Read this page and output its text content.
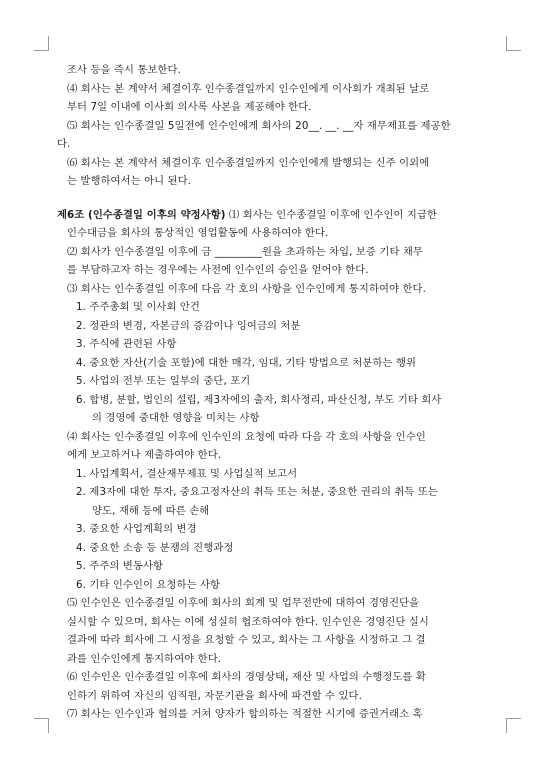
조사 등을 즉시 통보한다.
⑷ 회사는 본 계약서 체결이후 인수종결일까지 인수인에게 이사회가 개최된 날로
부터 7일 이내에 이사회 의사록 사본을 제공해야 한다.
⑸ 회사는 인수종결일 5일전에 인수인에게 회사의 20__. __. __자 재무제표를 제공한
다.
⑹ 회사는 본 계약서 체결이후 인수종결일까지 인수인에게 발행되는 신주 이외에
는 발행하여서는 아니 된다.
제6조 (인수종결일 이후의 약정사항) ⑴ 회사는 인수종결일 이후에 인수인이 지급한
인수대금을 회사의 통상적인 영업활동에 사용하여야 한다.
⑵ 회사가 인수종결일 이후에 금 _________원을 초과하는 차입, 보증 기타 채무
를 부담하고자 하는 경우에는 사전에 인수인의 승인을 얻어야 한다.
⑶ 회사는 인수종결일 이후에 다음 각 호의 사항을 인수인에게 통지하여야 한다.
1. 주주총회 및 이사회 안건
2. 정관의 변경, 자본금의 증감이나 잉여금의 처분
3. 주식에 관련된 사항
4. 중요한 자산(기술 포함)에 대한 매각, 임대, 기타 방법으로 처분하는 행위
5. 사업의 전부 또는 일부의 중단, 포기
6. 합병, 분할, 법인의 설립, 제3자에의 출자, 회사정리, 파산신청, 부도 기타 회사
의 경영에 중대한 영향을 미치는 사항
⑷ 회사는 인수종결일 이후에 인수인의 요청에 따라 다음 각 호의 사항을 인수인
에게 보고하거나 제출하여야 한다.
1. 사업계획서, 결산재무제표 및 사업실적 보고서
2. 제3자에 대한 투자, 중요고정자산의 취득 또는 처분, 중요한 권리의 취득 또는
양도, 재해 등에 따른 손해
3. 중요한 사업계획의 변경
4. 중요한 소송 등 분쟁의 진행과정
5. 주주의 변동사항
6. 기타 인수인이 요청하는 사항
⑸ 인수인은 인수종결일 이후에 회사의 회계 및 업무전반에 대하여 경영진단을
실시할 수 있으며, 회사는 이에 성실히 협조하여야 한다. 인수인은 경영진단 실시
결과에 따라 회사에 그 시정을 요청할 수 있고, 회사는 그 사항을 시정하고 그 결
과를 인수인에게 통지하여야 한다.
⑹ 인수인은 인수종결일 이후에 회사의 경영상태, 재산 및 사업의 수행정도를 확
인하기 위하여 자신의 임직원, 자문기관을 회사에 파견할 수 있다.
⑺ 회사는 인수인과 협의를 거쳐 양자가 합의하는 적절한 시기에 증권거래소 혹
